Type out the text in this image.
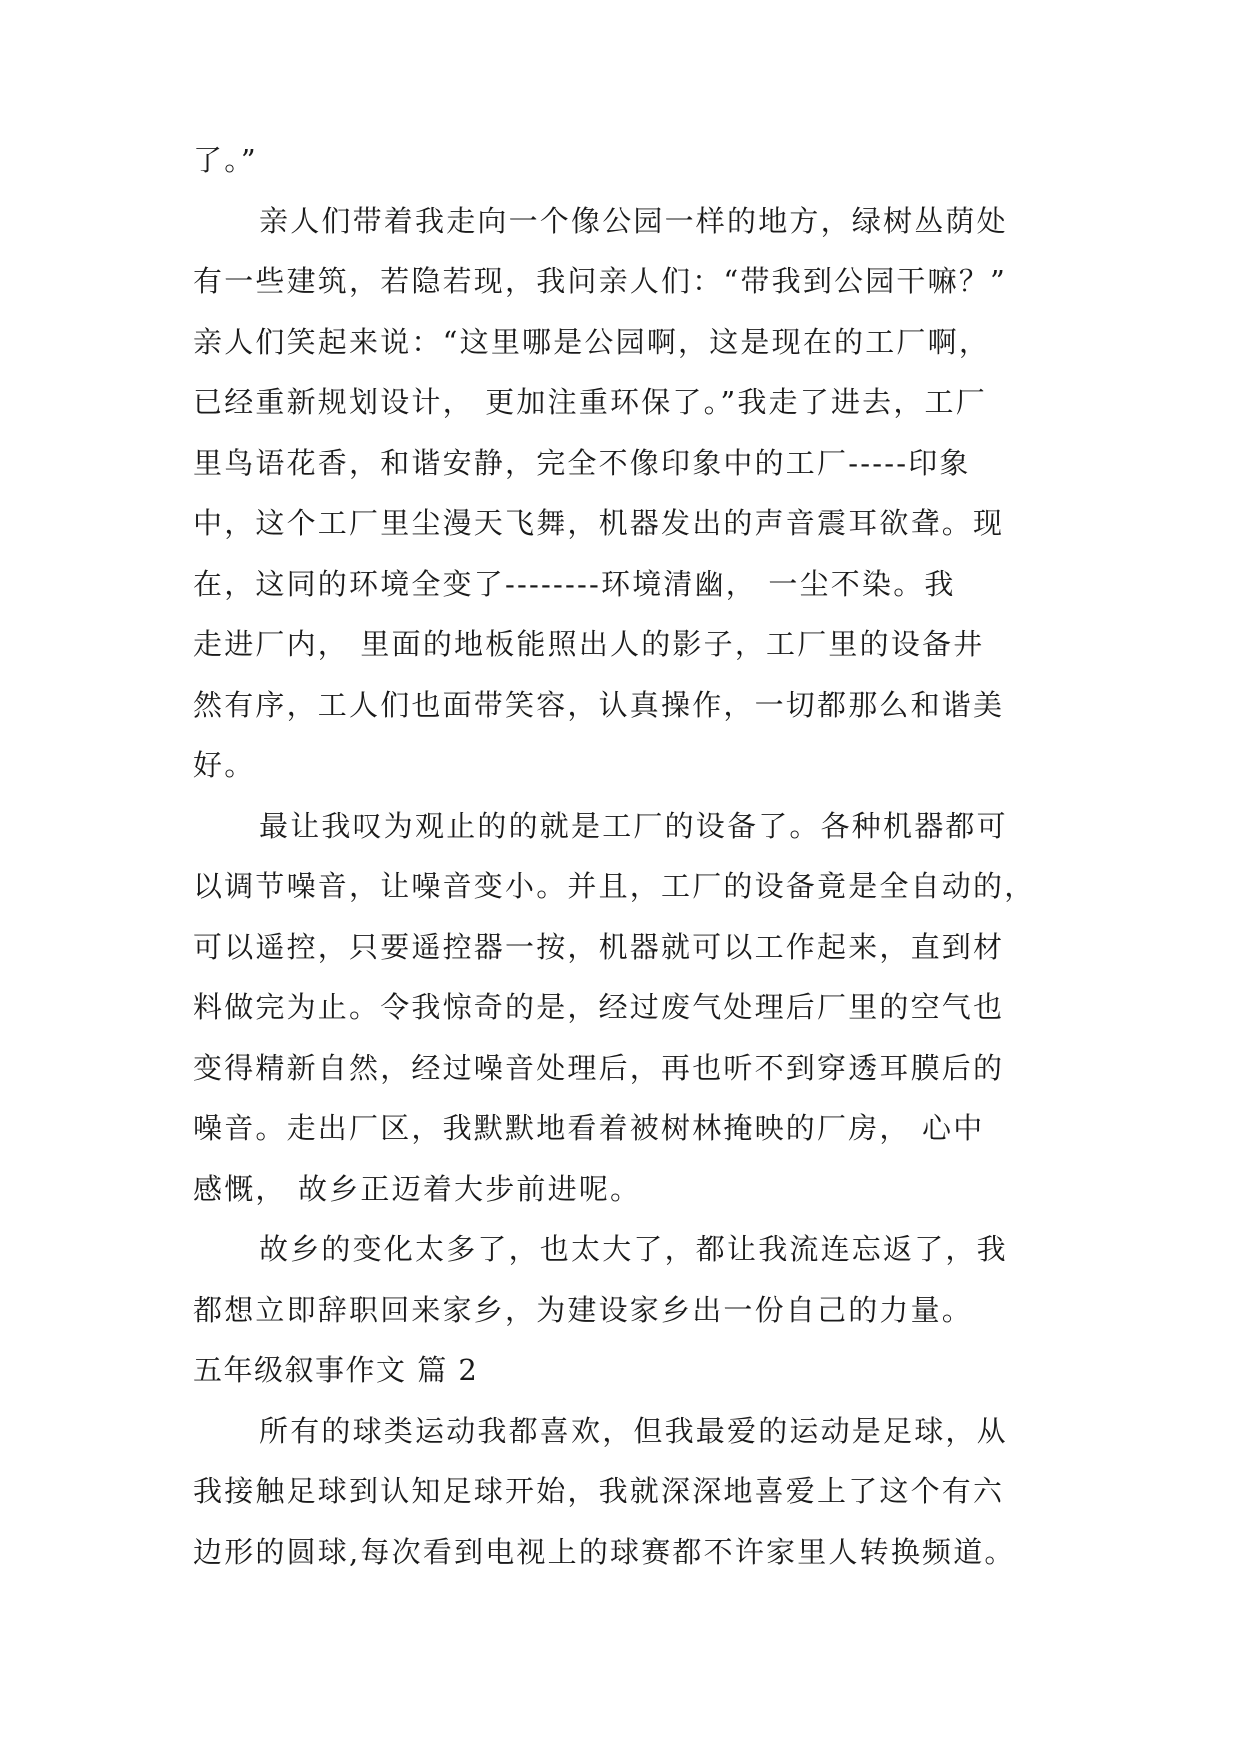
了。”
亲人们带着我走向一个像公园一样的地方，绿树丛荫处
有一些建筑，若隐若现，我问亲人们：“带我到公园干嘛？”
亲人们笑起来说：“这里哪是公园啊，这是现在的工厂啊，
已经重新规划设计， 更加注重环保了。”我走了进去，工厂
里鸟语花香，和谐安静，完全不像印象中的工厂-----印象
中，这个工厂里尘漫天飞舞，机器发出的声音震耳欲聋。现
在，这同的环境全变了--------环境清幽， 一尘不染。我
走进厂内， 里面的地板能照出人的影子，工厂里的设备井
然有序，工人们也面带笑容，认真操作，一切都那么和谐美
好。
最让我叹为观止的的就是工厂的设备了。各种机器都可
以调节噪音，让噪音变小。并且，工厂的设备竟是全自动的，
可以遥控，只要遥控器一按，机器就可以工作起来，直到材
料做完为止。令我惊奇的是，经过废气处理后厂里的空气也
变得精新自然，经过噪音处理后，再也听不到穿透耳膜后的
噪音。走出厂区，我默默地看着被树林掩映的厂房， 心中
感慨， 故乡正迈着大步前进呢。
故乡的变化太多了，也太大了，都让我流连忘返了，我
都想立即辞职回来家乡，为建设家乡出一份自己的力量。
五年级叙事作文 篇 2
所有的球类运动我都喜欢，但我最爱的运动是足球，从
我接触足球到认知足球开始，我就深深地喜爱上了这个有六
边形的圆球,每次看到电视上的球赛都不许家里人转换频道。
